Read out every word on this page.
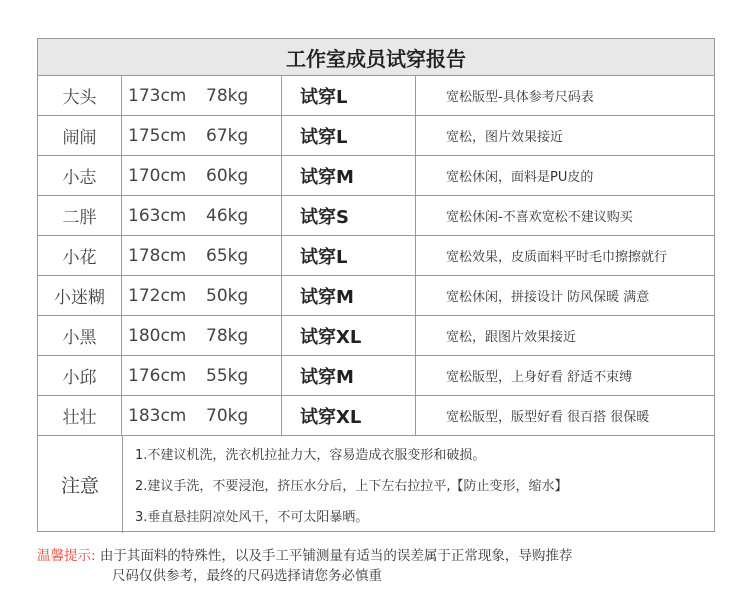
工作室成员试穿报告
大头	173cm	78kg	试穿L	宽松版型-具体参考尺码表
闹闹	175cm	67kg	试穿L	宽松，图片效果接近
小志	170cm	60kg	试穿M	宽松休闲，面料是PU皮的
二胖	163cm	46kg	试穿S	宽松休闲-不喜欢宽松不建议购买
小花	178cm	65kg	试穿L	宽松效果，皮质面料平时毛巾擦擦就行
小迷糊	172cm	50kg	试穿M	宽松休闲，拼接设计 防风保暖 满意
小黑	180cm	78kg	试穿XL	宽松，跟图片效果接近
小邱	176cm	55kg	试穿M	宽松版型，上身好看 舒适不束缚
壮壮	183cm	70kg	试穿XL	宽松版型，版型好看 很百搭 很保暖
注意
1.不建议机洗，洗衣机拉扯力大，容易造成衣服变形和破损。
2.建议手洗，不要浸泡，挤压水分后，上下左右拉拉平,【防止变形，缩水】
3.垂直悬挂阴凉处风干，不可太阳暴晒。
温馨提示: 由于其面料的特殊性，以及手工平铺测量有适当的误差属于正常现象，导购推荐
尺码仅供参考，最终的尺码选择请您务必慎重
